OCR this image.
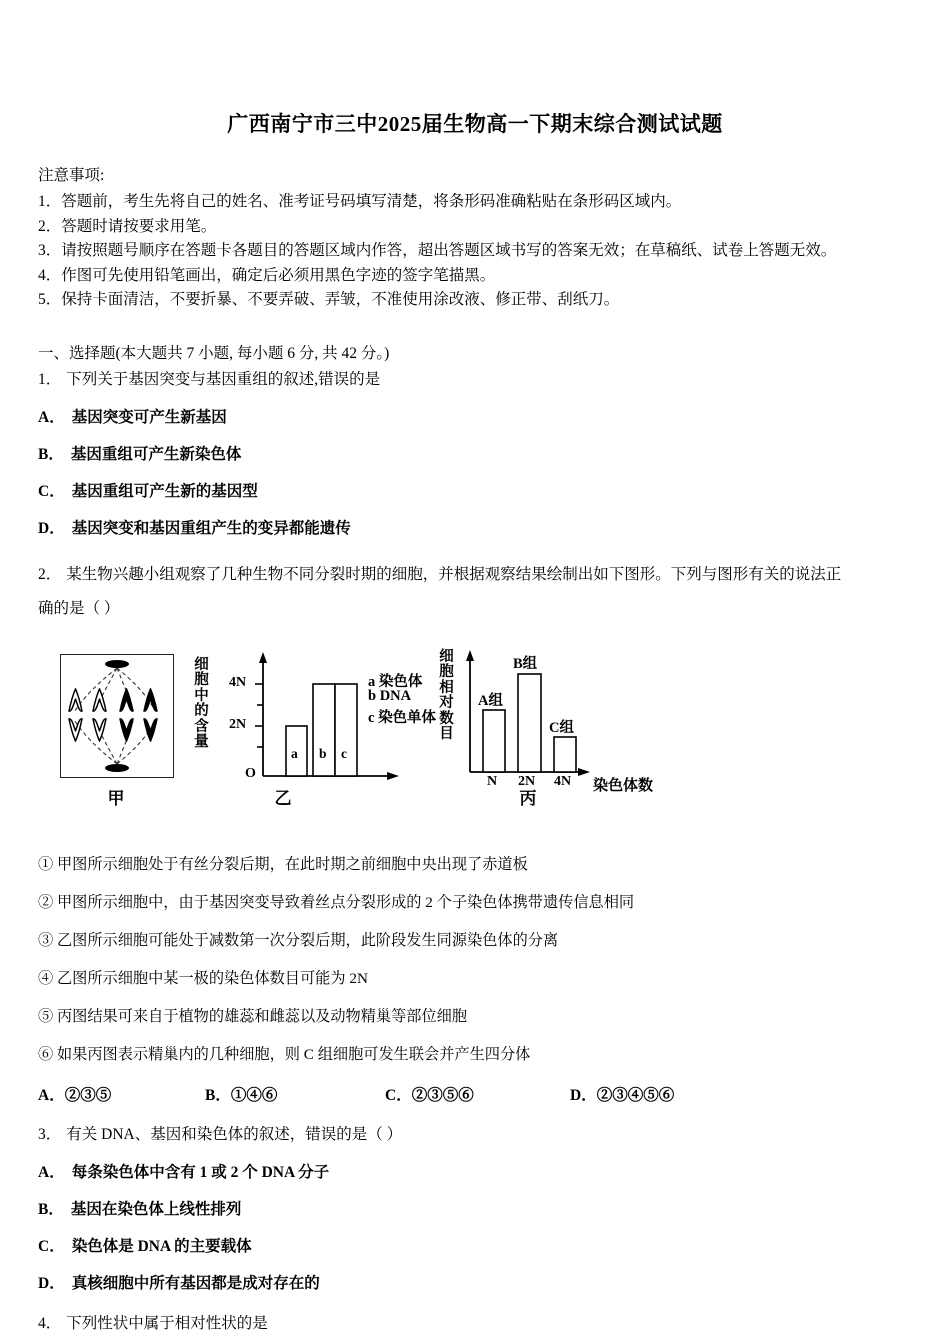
广西南宁市三中2025届生物高一下期末综合测试试题
注意事项:
1．答题前，考生先将自己的姓名、准考证号码填写清楚，将条形码准确粘贴在条形码区域内。
2．答题时请按要求用笔。
3．请按照题号顺序在答题卡各题目的答题区域内作答，超出答题区域书写的答案无效；在草稿纸、试卷上答题无效。
4．作图可先使用铅笔画出，确定后必须用黑色字迹的签字笔描黑。
5．保持卡面清洁，不要折暴、不要弄破、弄皱，不准使用涂改液、修正带、刮纸刀。
一、选择题(本大题共 7 小题, 每小题 6 分, 共 42 分。)
1． 下列关于基因突变与基因重组的叙述,错误的是
A． 基因突变可产生新基因
B． 基因重组可产生新染色体
C． 基因重组可产生新的基因型
D． 基因突变和基因重组产生的变异都能遗传
2． 某生物兴趣小组观察了几种生物不同分裂时期的细胞，并根据观察结果绘制出如下图形。下列与图形有关的说法正
确的是（ ）
甲
细胞中的含量
4N
2N
O
a b c
a 染色体
b DNA
c 染色单体
乙
细胞相对数目
A组
B组
C组
N 2N 4N 染色体数
丙
① 甲图所示细胞处于有丝分裂后期，在此时期之前细胞中央出现了赤道板
② 甲图所示细胞中，由于基因突变导致着丝点分裂形成的 2 个子染色体携带遗传信息相同
③ 乙图所示细胞可能处于减数第一次分裂后期，此阶段发生同源染色体的分离
④ 乙图所示细胞中某一极的染色体数目可能为 2N
⑤ 丙图结果可来自于植物的雄蕊和雌蕊以及动物精巢等部位细胞
⑥ 如果丙图表示精巢内的几种细胞，则 C 组细胞可发生联会并产生四分体
A．②③⑤	B．①④⑥	C．②③⑤⑥	D．②③④⑤⑥
3． 有关 DNA、基因和染色体的叙述，错误的是（ ）
A． 每条染色体中含有 1 或 2 个 DNA 分子
B． 基因在染色体上线性排列
C． 染色体是 DNA 的主要载体
D． 真核细胞中所有基因都是成对存在的
4． 下列性状中属于相对性状的是
